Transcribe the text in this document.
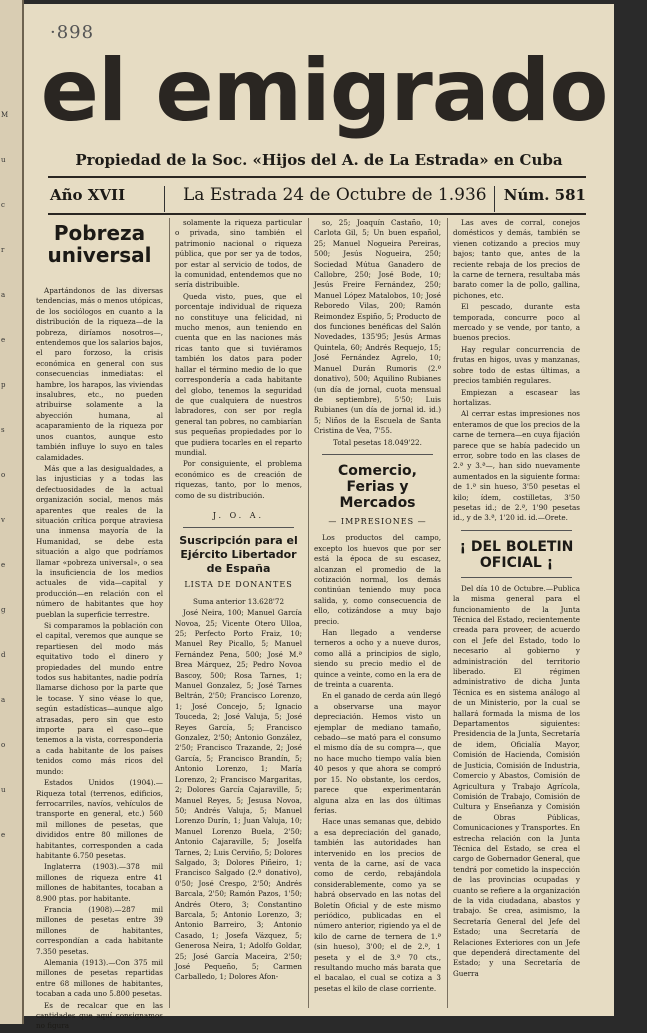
M
u
c
r
a
e
p
s
o
v
e
g
d
a
o
u
e
·898
el emigrado
Propiedad de la Soc. «Hijos del A. de La Estrada» en Cuba
Año XVII	La Estrada 24 de Octubre de 1.936 Núm. 581
Pobreza universal

Apartándonos de las diversas tendencias, más o menos utópicas, de los sociólogos en cuanto a la distribución de la riqueza—de la pobreza, diríamos nosotros—, entendemos que los salarios bajos, el paro forzoso, la crisis económica en general con sus consecuencias inmediatas: el hambre, los harapos, las viviendas insalubres, etc., no pueden atribuirse solamente a la abyección humana, al acaparamiento de la riqueza por unos cuantos, aunque esto también influye lo suyo en tales calamidades.

Más que a las desigualdades, a las injusticias y a todas las defectuosidades de la actual organización social, menos más aparentes que reales de la situación crítica porque atraviesa una inmensa mayoría de la Humanidad, se debe esta situación a algo que podríamos llamar «pobreza universal», o sea la insuficiencia de los medios actuales de vida—capital y producción—en relación con el número de habitantes que hoy pueblan la superficie terrestre.

Si comparamos la población con el capital, veremos que aunque se repartiesen del modo más equitativo todo el dinero y propiedades del mundo entre todos sus habitantes, nadie podría llamarse dichoso por la parte que le tocase. Y sino véase lo que, según estadísticas—aunque algo atrasadas, pero sin que esto importe para el caso—que tenemos a la vista, corresponderia a cada habitante de los países tenidos como más ricos del mundo:

Estados Unidos (1904).—Riqueza total (terrenos, edificios, ferrocarriles, navíos, vehículos de transporte en general, etc.) 560 mil millones de pesetas, que divididos entre 80 millones de habitantes, corresponden a cada habitante 6.750 pesetas.

Inglaterra (1903).—378 mil millones de riqueza entre 41 millones de habitantes, tocaban a 8.900 ptas. por habitante.

Francia (1908).—287 mil millones de pesetas entre 39 millones de habitantes, correspondían a cada habitante 7.350 pesetas.

Alemania (1913).—Con 375 mil millones de pesetas repartidas entre 68 millones de habitantes, tocaban a cada uno 5.800 pesetas.

Es de recalcar que en las cantidades que aquí consignamos no figura

solamente la riqueza particular o privada, sino también el patrimonio nacional o riqueza pública, que por ser ya de todos, por estar al servicio de todos, de la comunidad, entendemos que no sería distribuible.

Queda visto, pues, que el porcentaje individual de riqueza no constituye una felicidad, ni mucho menos, aun teniendo en cuenta que en las naciones más ricas tanto que si tuviéramos también los datos para poder hallar el término medio de lo que correspondería a cada habitante del globo, tenemos la seguridad de que cualquiera de nuestros labradores, con ser por regla general tan pobres, no cambiarían sus pequeñas propiedades por lo que pudiera tocarles en el reparto mundial.

Por consiguiente, el problema económico es de creación de riquezas, tanto, por lo menos, como de su distribución.

J. O. A.
Suscripción para el Ejército Libertador de España
LISTA DE DONANTES

Suma anterior 13.628'72

José Neira, 100; Manuel García Novoa, 25; Vicente Otero Ulloa, 25; Perfecto Porto Fraiz, 10; Manuel Rey Picallo, 5; Manuel Fernández Pena, 500; José M.ª Brea Márquez, 25; Pedro Novoa Bascoy, 500; Rosa Tarnes, 1; Manuel Gonzalez, 5; José Tarnes Beltrán, 2'50; Francisco Lorenzo, 1; José Concejo, 5; Ignacio Touceda, 2; José Valuja, 5; José Reyes García, 5; Francisco Gonzalez, 2'50; Antonio González, 2'50; Francisco Trazande, 2; José García, 5; Francisco Brandín, 5; Antonio Lorenzo, 1; María Lorenzo, 2; Francisco Margaritas, 2; Dolores García Cajaraville, 5; Manuel Reyes, 5; Jesusa Novoa, 50; Andrés Valuja, 5; Manuel Lorenzo Durín, 1; Juan Valuja, 10; Manuel Lorenzo Buela, 2'50; Antonio Cajaraville, 5; Joselfa Tarnes, 2; Luis Cerviño, 5; Dolores Salgado, 3; Dolores Piñeiro, 1; Francisco Salgado (2.º donativo), 0'50; José Crespo, 2'50; Andrés Barcala, 2'50; Ramón Pazos, 1'50; Andrés Otero, 3; Constantino Barcala, 5; Antonio Lorenzo, 3; Antonio Barreiro, 3; Antonio Casado, 1; Josefa Vázquez, 5; Generosa Neira, 1; Adolfo Goldar, 25; José García Maceira, 2'50; José Pequeño, 5; Carmen Carballedo, 1; Dolores Afon-

so, 25; Joaquín Castaño, 10; Carlota Gil, 5; Un buen español, 25; Manuel Nogueira Pereiras, 500; Jesús Nogueira, 250; Sociedad Mútua Ganadero de Callobre, 250; José Bode, 10; Jesús Freire Fernández, 250; Manuel López Matalobos, 10; José Reboredo Vilas, 200; Ramón Reimondez Espiño, 5; Producto de dos funciones benéficas del Salón Novedades, 135'95; Jesús Armas Quintela, 60; Andrés Requejo, 15; José Fernández Agrelo, 10; Manuel Durán Rumoris (2.º donativo), 500; Aquilino Rubianes (un día de jornal, cuota mensual de septiembre), 5'50; Luis Rubianes (un día de jornal id. id.) 5; Niños de la Escuela de Santa Cristina de Vea, 7'55.

Total pesetas 18.049'22.

Comercio, Ferias y Mercados
— IMPRESIONES —

Los productos del campo, excepto los huevos que por ser está la época de su escasez, alcanzan el promedio de la cotización normal, los demás continúan teniendo muy poca salida, y, como consecuencia de ello, cotizándose a muy bajo precio.

Han llegado a venderse terneros a ocho y a nueve duros, como allá a principios de siglo, siendo su precio medio el de quince a veinte, como en la era de de treinta a cuarenta.

En el ganado de cerda aún llegó a observarse una mayor depreciación. Hemos visto un ejemplar de mediano tamaño, cebado—se mató para el consumo el mismo día de su compra—, que no hace mucho tiempo valía bien 40 pesos y que ahora se compró por 15. No obstante, los cerdos, parece que experimentarán alguna alza en las dos últimas ferias.

Hace unas semanas que, debido a esa depreciación del ganado, también las autoridades han intervenido en los precios de venta de la carne, así de vaca como de cerdo, rebajándola considerablemente, como ya se habrá observado en las notas del Boletín Oficial y de este mismo periódico, publicadas en el número anterior, rigiendo ya el de kilo de carne de ternera de 1.ª (sin hueso), 3'00; el de 2.ª, 1 peseta y el de 3.ª 70 cts., resultando mucho más barata que el bacalao, el cual se cotiza a 3 pesetas el kilo de clase corriente.

Las aves de corral, conejos domésticos y demás, también se vienen cotizando a precios muy bajos; tanto que, antes de la reciente rebaja de los precios de la carne de ternera, resultaba más barato comer la de pollo, gallina, pichones, etc.

El pescado, durante esta temporada, concurre poco al mercado y se vende, por tanto, a buenos precios.

Hay regular concurrencia de frutas en higos, uvas y manzanas, sobre todo de estas últimas, a precios también regulares.

Empiezan a escasear las hortalizas.

Al cerrar estas impresiones nos enteramos de que los precios de la carne de ternera—en cuya fijación parece que se había padecido un error, sobre todo en las clases de 2.ª y 3.ª—, han sido nuevamente aumentados en la siguiente forma: de 1.ª sin hueso, 3'50 pesetas el kilo; ídem, costilletas, 3'50 pesetas id.; de 2.ª, 1'90 pesetas id., y de 3.ª, 1'20 id. id.—Orete.

¡ DEL BOLETIN OFICIAL ¡

Del día 10 de Octubre.—Publica la misma general para el funcionamiento de la Junta Técnica del Estado, recientemente creada para proveer, de acuerdo con el Jefe del Estado, todo lo necesario al gobierno y administración del territorio liberado. El régimen administrativo de dicha Junta Técnica es en sistema análogo al de un Ministerio, por la cual se hallará formada la misma de los Departamentos siguientes: Presidencia de la Junta, Secretaría de idem, Oficialía Mayor, Comisión de Hacienda, Comisión de Justicia, Comisión de Industria, Comercio y Abastos, Comisión de Agricultura y Trabajo Agrícola, Comisión de Trabajo, Comisión de Cultura y Enseñanza y Comisión de Obras Públicas, Comunicaciones y Transportes. En estrecha relación con la Junta Técnica del Estado, se crea el cargo de Gobernador General, que tendrá por cometido la inspección de las provincias ocupadas y cuanto se refiere a la organización de la vida ciudadana, abastos y trabajo. Se crea, asimismo, la Secretaría General del Jefe del Estado; una Secretaría de Relaciones Exteriores con un Jefe que dependerá directamente del Estado; y una Secretaría de Guerra
